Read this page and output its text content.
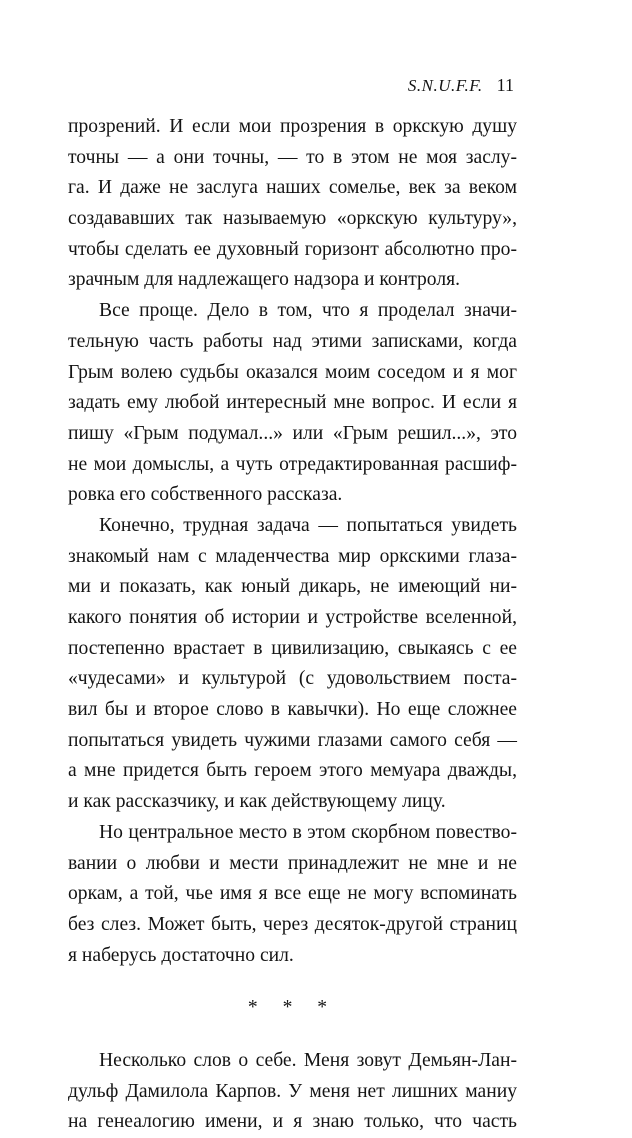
S.N.U.F.F. 11
прозрений. И если мои прозрения в оркскую душу
точны — а они точны, — то в этом не моя заслу-
га. И даже не заслуга наших сомелье, век за веком
создававших так называемую «оркскую культуру»,
чтобы сделать ее духовный горизонт абсолютно про-
зрачным для надлежащего надзора и контроля.
Все проще. Дело в том, что я проделал значи-
тельную часть работы над этими записками, когда
Грым волею судьбы оказался моим соседом и я мог
задать ему любой интересный мне вопрос. И если я
пишу «Грым подумал...» или «Грым решил...», это
не мои домыслы, а чуть отредактированная расшиф-
ровка его собственного рассказа.
Конечно, трудная задача — попытаться увидеть
знакомый нам с младенчества мир оркскими глаза-
ми и показать, как юный дикарь, не имеющий ни-
какого понятия об истории и устройстве вселенной,
постепенно врастает в цивилизацию, свыкаясь с ее
«чудесами» и культурой (с удовольствием поста-
вил бы и второе слово в кавычки). Но еще сложнее
попытаться увидеть чужими глазами самого себя —
а мне придется быть героем этого мемуара дважды,
и как рассказчику, и как действующему лицу.
Но центральное место в этом скорбном повество-
вании о любви и мести принадлежит не мне и не
оркам, а той, чье имя я все еще не могу вспоминать
без слез. Может быть, через десяток-другой страниц
я наберусь достаточно сил.
* * *
Несколько слов о себе. Меня зовут Демьян-Лан-
дульф Дамилола Карпов. У меня нет лишних маниу
на генеалогию имени, и я знаю только, что часть
